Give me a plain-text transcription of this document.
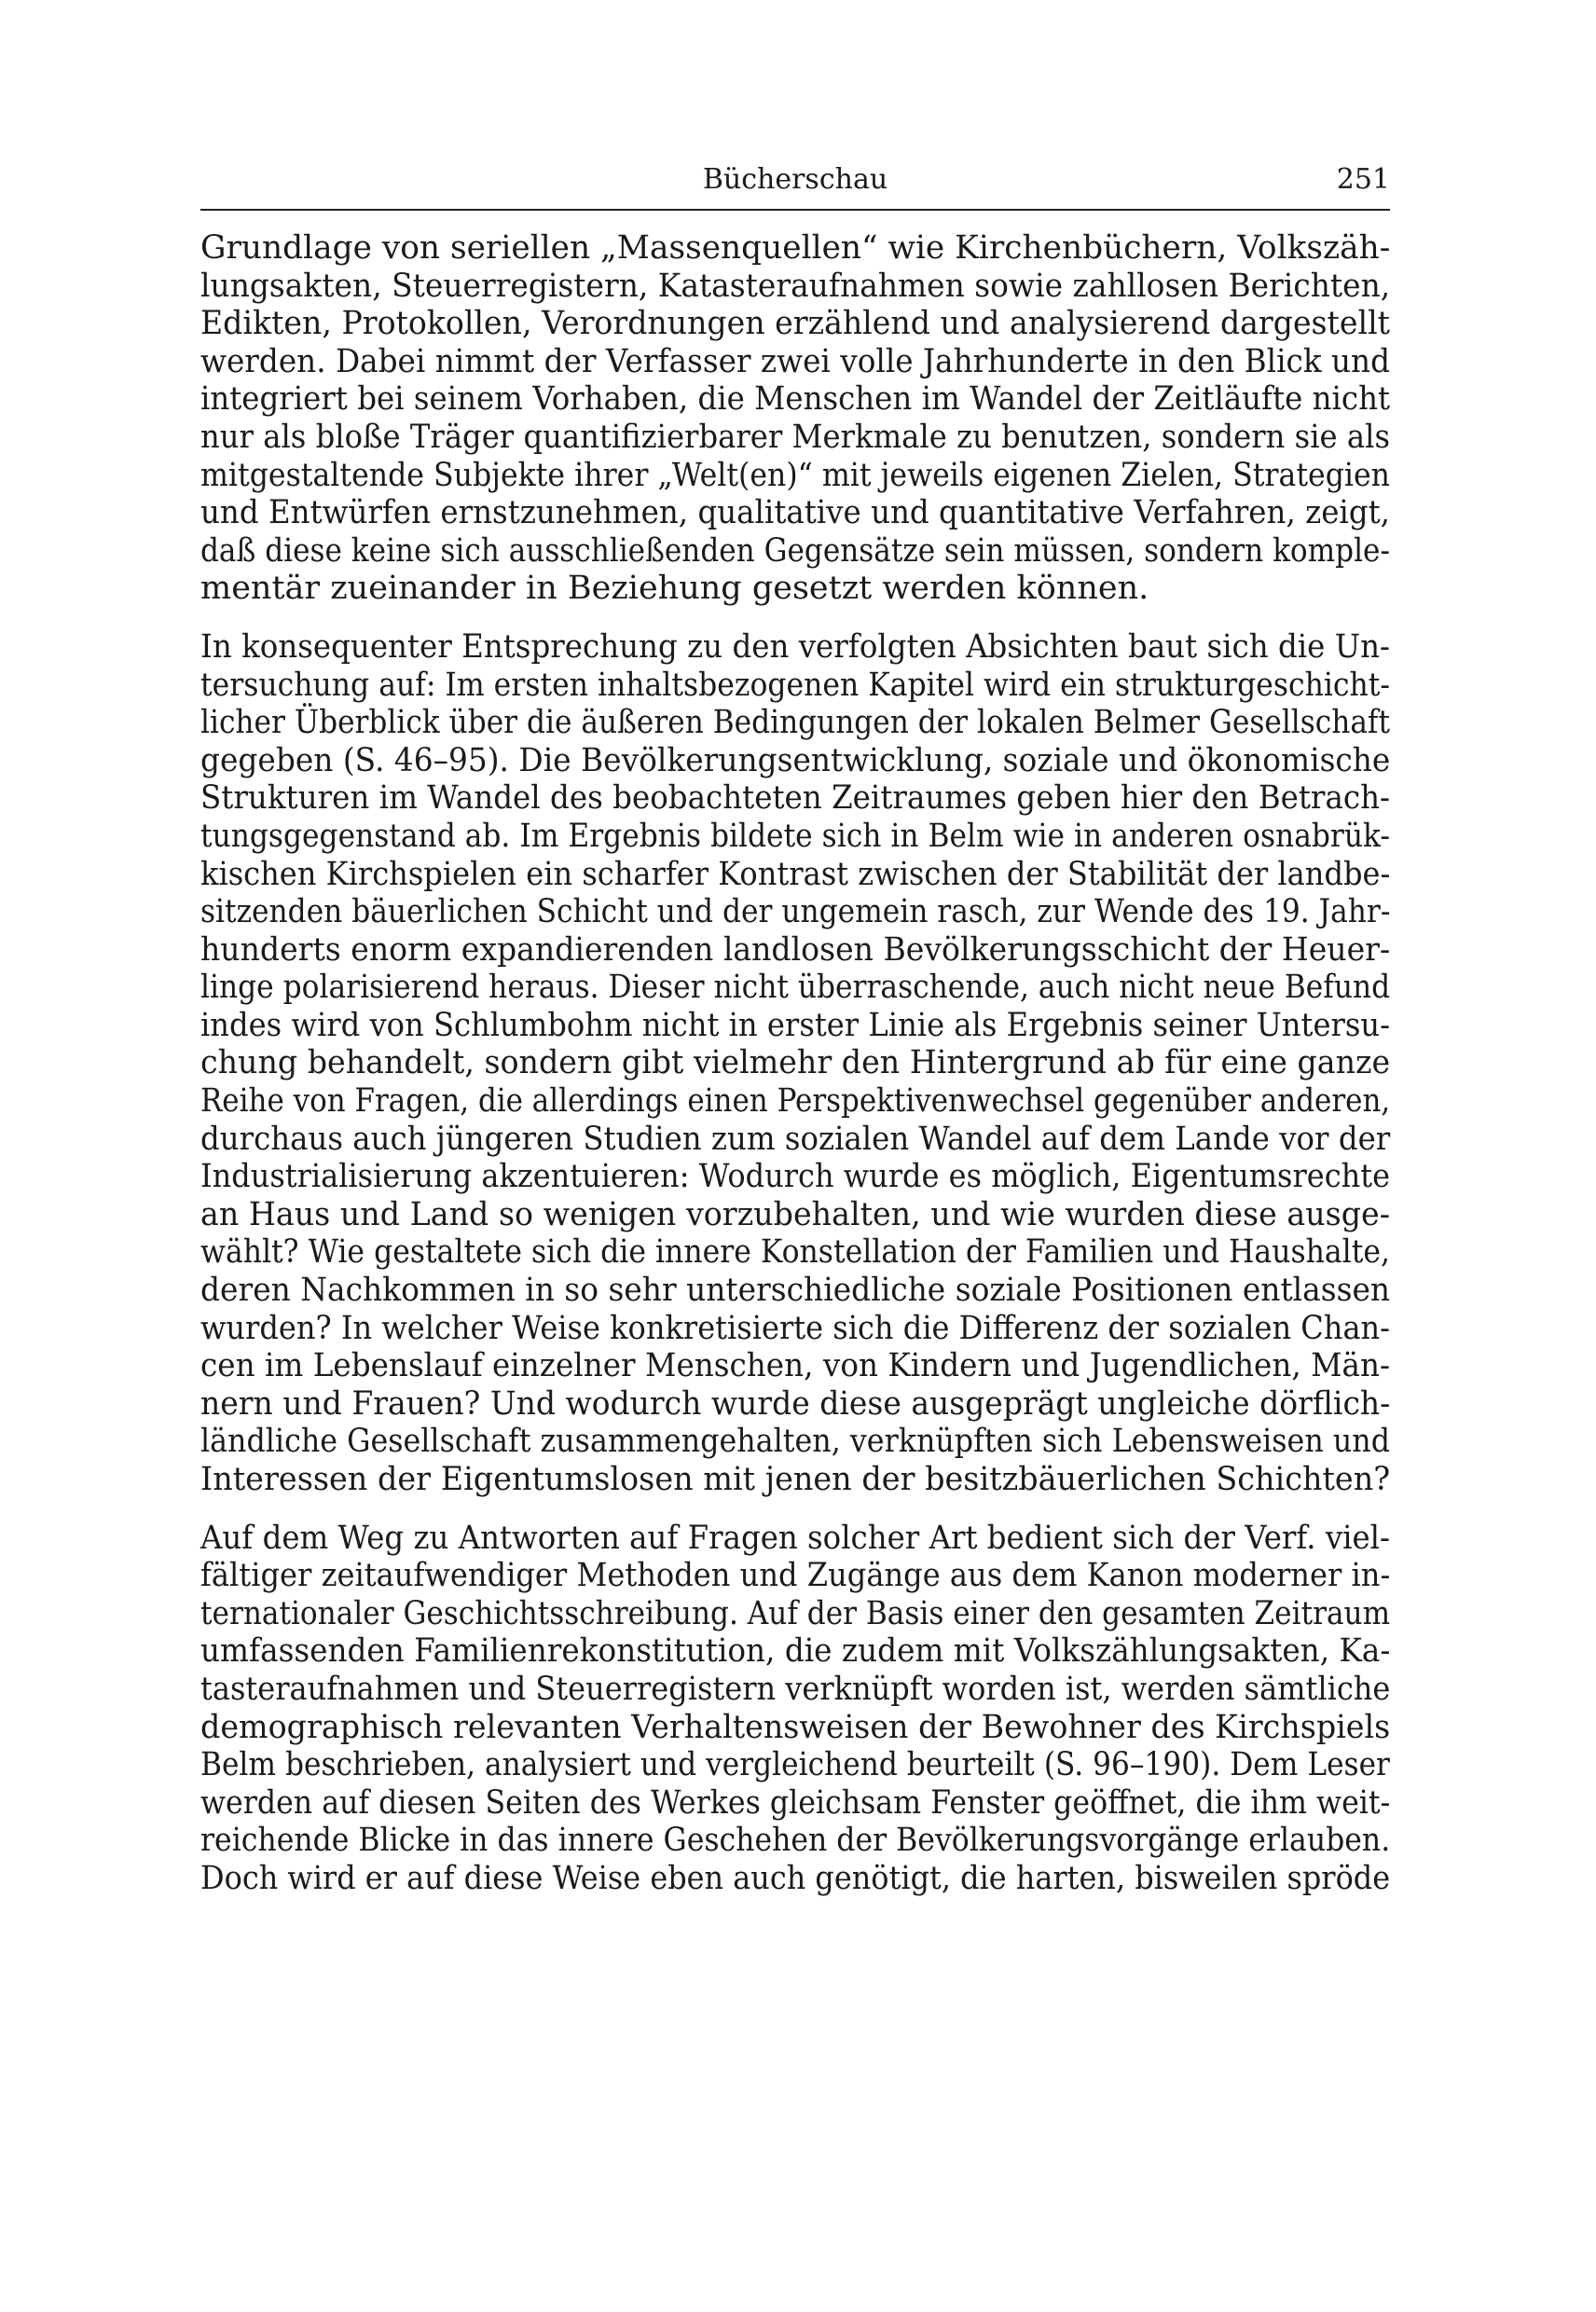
Bücherschau	251

Grundlage von seriellen „Massenquellen“ wie Kirchenbüchern, Volkszäh-
lungsakten, Steuerregistern, Katasteraufnahmen sowie zahllosen Berichten,
Edikten, Protokollen, Verordnungen erzählend und analysierend dargestellt
werden. Dabei nimmt der Verfasser zwei volle Jahrhunderte in den Blick und
integriert bei seinem Vorhaben, die Menschen im Wandel der Zeitläufte nicht
nur als bloße Träger quantifizierbarer Merkmale zu benutzen, sondern sie als
mitgestaltende Subjekte ihrer „Welt(en)“ mit jeweils eigenen Zielen, Strategien
und Entwürfen ernstzunehmen, qualitative und quantitative Verfahren, zeigt,
daß diese keine sich ausschließenden Gegensätze sein müssen, sondern komple-
mentär zueinander in Beziehung gesetzt werden können.

In konsequenter Entsprechung zu den verfolgten Absichten baut sich die Un-
tersuchung auf: Im ersten inhaltsbezogenen Kapitel wird ein strukturgeschicht-
licher Überblick über die äußeren Bedingungen der lokalen Belmer Gesellschaft
gegeben (S. 46–95). Die Bevölkerungsentwicklung, soziale und ökonomische
Strukturen im Wandel des beobachteten Zeitraumes geben hier den Betrach-
tungsgegenstand ab. Im Ergebnis bildete sich in Belm wie in anderen osnabrük-
kischen Kirchspielen ein scharfer Kontrast zwischen der Stabilität der landbe-
sitzenden bäuerlichen Schicht und der ungemein rasch, zur Wende des 19. Jahr-
hunderts enorm expandierenden landlosen Bevölkerungsschicht der Heuer-
linge polarisierend heraus. Dieser nicht überraschende, auch nicht neue Befund
indes wird von Schlumbohm nicht in erster Linie als Ergebnis seiner Untersu-
chung behandelt, sondern gibt vielmehr den Hintergrund ab für eine ganze
Reihe von Fragen, die allerdings einen Perspektivenwechsel gegenüber anderen,
durchaus auch jüngeren Studien zum sozialen Wandel auf dem Lande vor der
Industrialisierung akzentuieren: Wodurch wurde es möglich, Eigentumsrechte
an Haus und Land so wenigen vorzubehalten, und wie wurden diese ausge-
wählt? Wie gestaltete sich die innere Konstellation der Familien und Haushalte,
deren Nachkommen in so sehr unterschiedliche soziale Positionen entlassen
wurden? In welcher Weise konkretisierte sich die Differenz der sozialen Chan-
cen im Lebenslauf einzelner Menschen, von Kindern und Jugendlichen, Män-
nern und Frauen? Und wodurch wurde diese ausgeprägt ungleiche dörflich-
ländliche Gesellschaft zusammengehalten, verknüpften sich Lebensweisen und
Interessen der Eigentumslosen mit jenen der besitzbäuerlichen Schichten?

Auf dem Weg zu Antworten auf Fragen solcher Art bedient sich der Verf. viel-
fältiger zeitaufwendiger Methoden und Zugänge aus dem Kanon moderner in-
ternationaler Geschichtsschreibung. Auf der Basis einer den gesamten Zeitraum
umfassenden Familienrekonstitution, die zudem mit Volkszählungsakten, Ka-
tasteraufnahmen und Steuerregistern verknüpft worden ist, werden sämtliche
demographisch relevanten Verhaltensweisen der Bewohner des Kirchspiels
Belm beschrieben, analysiert und vergleichend beurteilt (S. 96–190). Dem Leser
werden auf diesen Seiten des Werkes gleichsam Fenster geöffnet, die ihm weit-
reichende Blicke in das innere Geschehen der Bevölkerungsvorgänge erlauben.
Doch wird er auf diese Weise eben auch genötigt, die harten, bisweilen spröde
